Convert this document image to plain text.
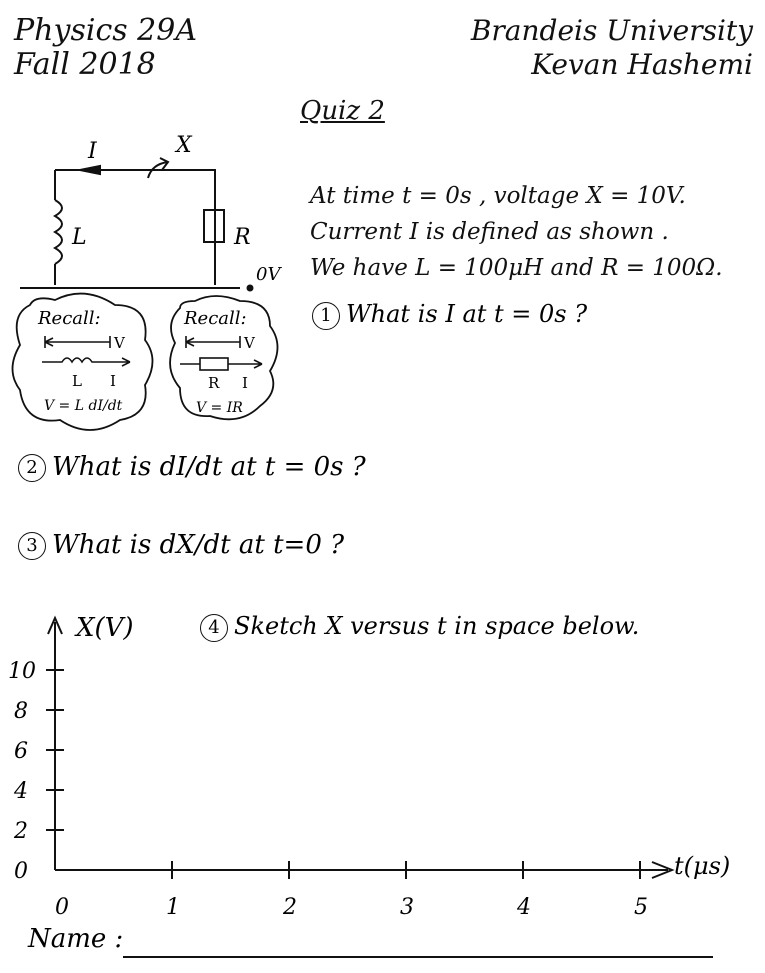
Physics 29A
Fall 2018
Brandeis University
Kevan Hashemi
Quiz 2
I	X
L	R
0V
Recall:
V
L I
V = L dI/dt
Recall:
V
R I
V = IR
At time t = 0s , voltage X = 10V.
Current I is defined as shown .
We have L = 100μH and R = 100Ω.
1 What is I at t = 0s ?
2 What is dI/dt at t = 0s ?
3 What is dX/dt at t=0 ?
4 Sketch X versus t in space below.
0	1	2	3	4	5
0
2
4
6
8
10
X(V)
t(μs)
Name :
